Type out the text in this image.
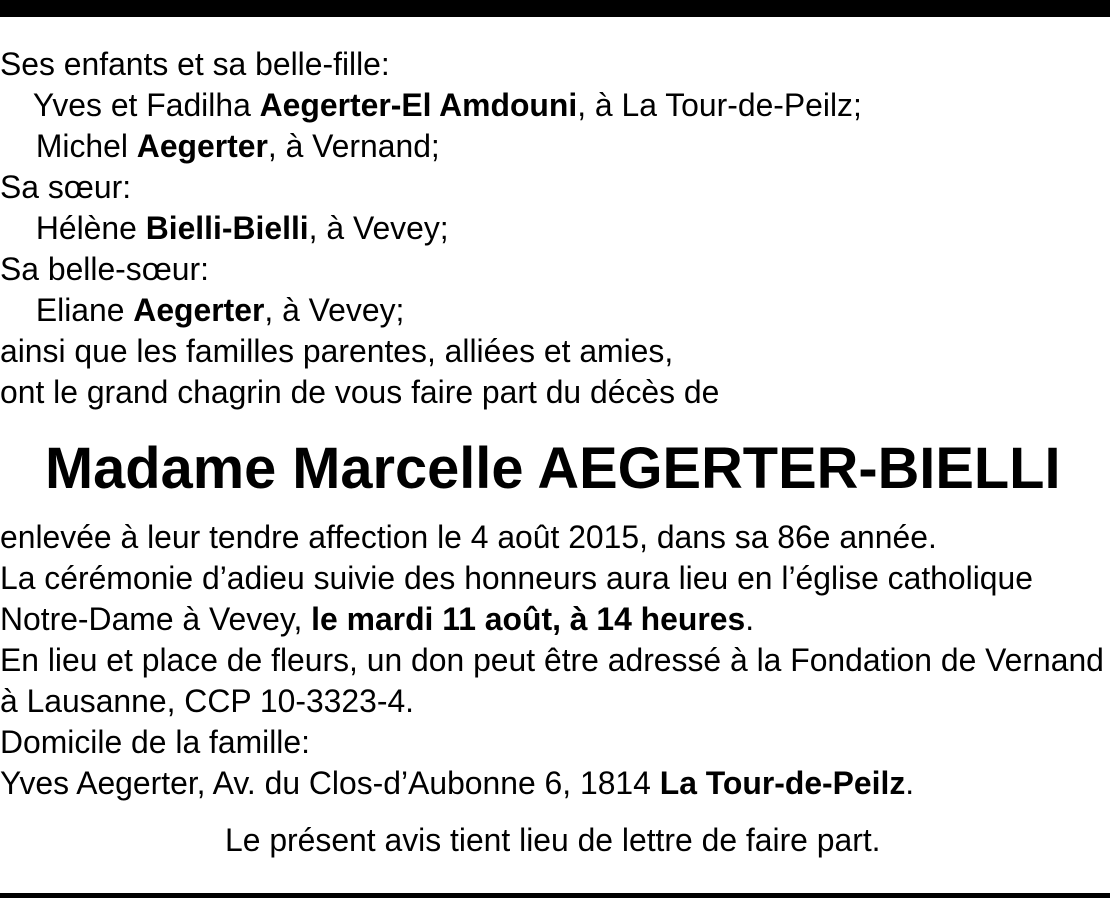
Ses enfants et sa belle-fille:
Yves et Fadilha Aegerter-El Amdouni, à La Tour-de-Peilz;
Michel Aegerter, à Vernand;
Sa sœur:
Hélène Bielli-Bielli, à Vevey;
Sa belle-sœur:
Eliane Aegerter, à Vevey;
ainsi que les familles parentes, alliées et amies,
ont le grand chagrin de vous faire part du décès de
Madame Marcelle AEGERTER-BIELLI
enlevée à leur tendre affection le 4 août 2015, dans sa 86e année.
La cérémonie d’adieu suivie des honneurs aura lieu en l’église catholique
Notre-Dame à Vevey, le mardi 11 août, à 14 heures.
En lieu et place de fleurs, un don peut être adressé à la Fondation de Vernand
à Lausanne, CCP 10-3323-4.
Domicile de la famille:
Yves Aegerter, Av. du Clos-d’Aubonne 6, 1814 La Tour-de-Peilz.
Le présent avis tient lieu de lettre de faire part.
